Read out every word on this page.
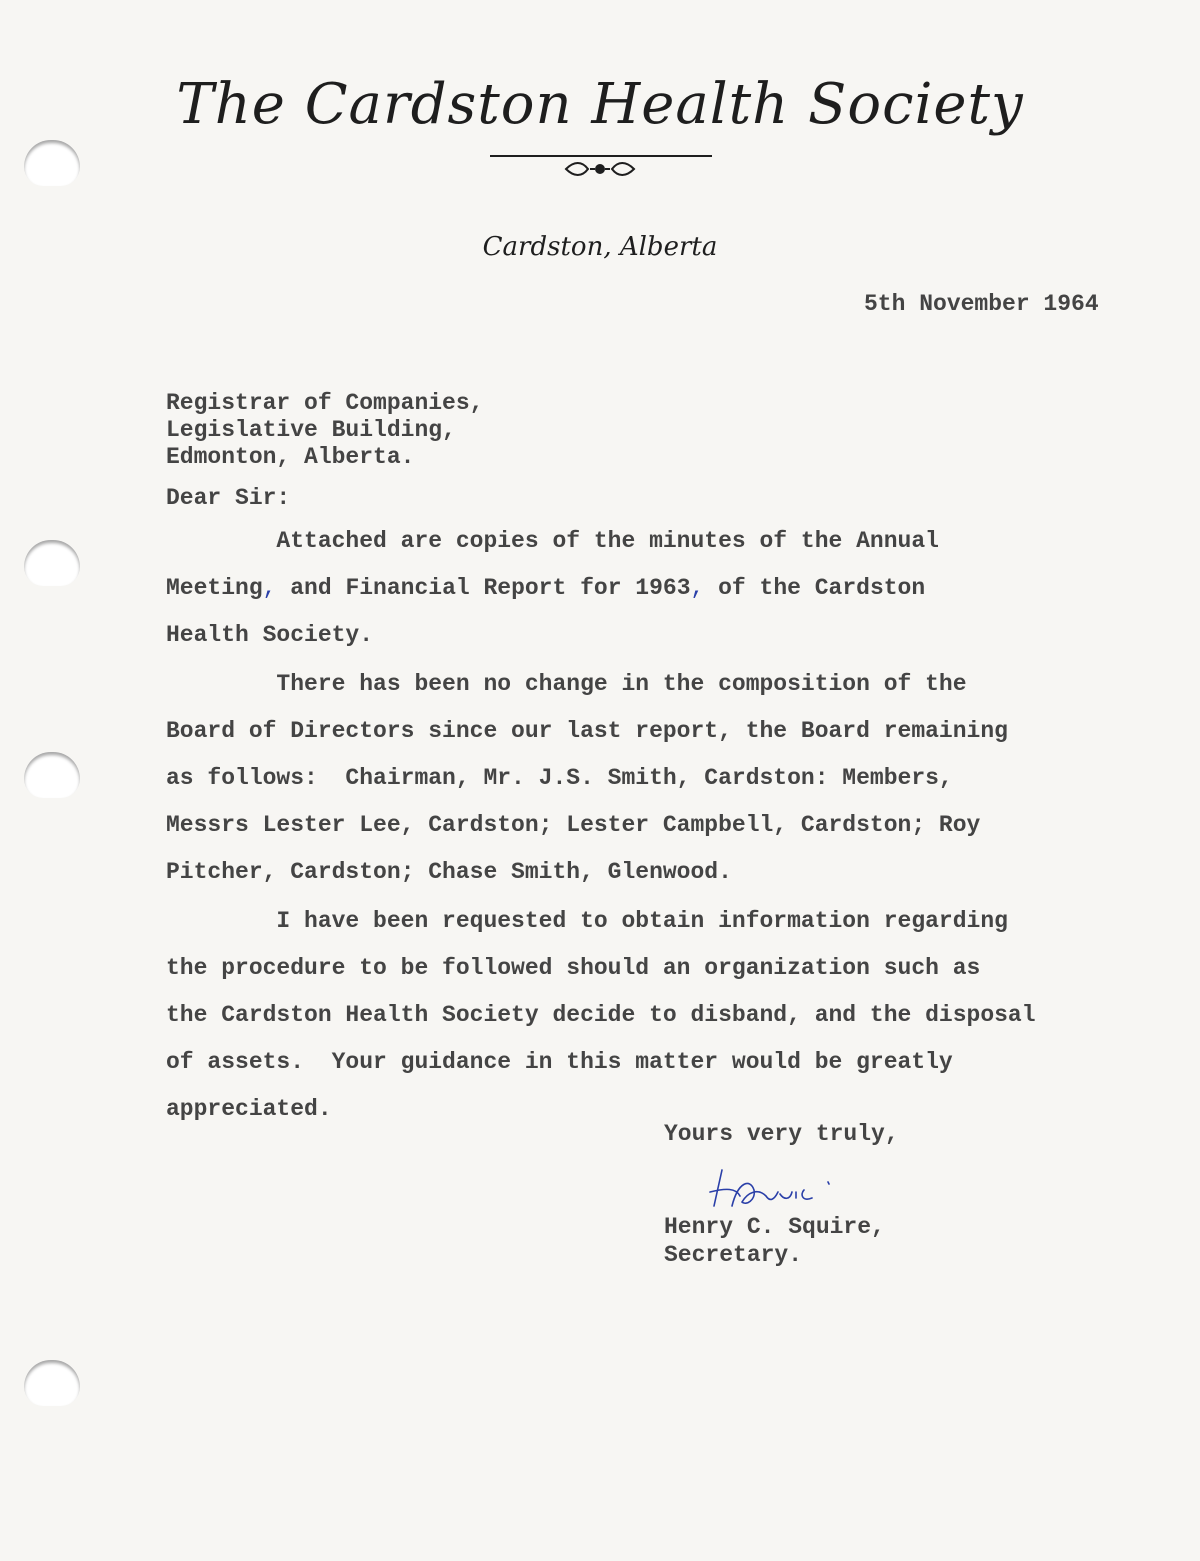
The Cardston Health Society
Cardston, Alberta
5th November 1964
Registrar of Companies,
Legislative Building,
Edmonton, Alberta.
Dear Sir:
Attached are copies of the minutes of the Annual
Meeting, and Financial Report for 1963, of the Cardston
Health Society.
There has been no change in the composition of the
Board of Directors since our last report, the Board remaining
as follows:  Chairman, Mr. J.S. Smith, Cardston: Members,
Messrs Lester Lee, Cardston; Lester Campbell, Cardston; Roy
Pitcher, Cardston; Chase Smith, Glenwood.
I have been requested to obtain information regarding
the procedure to be followed should an organization such as
the Cardston Health Society decide to disband, and the disposal
of assets.  Your guidance in this matter would be greatly
appreciated.
Yours very truly,
Henry C. Squire,
Secretary.
